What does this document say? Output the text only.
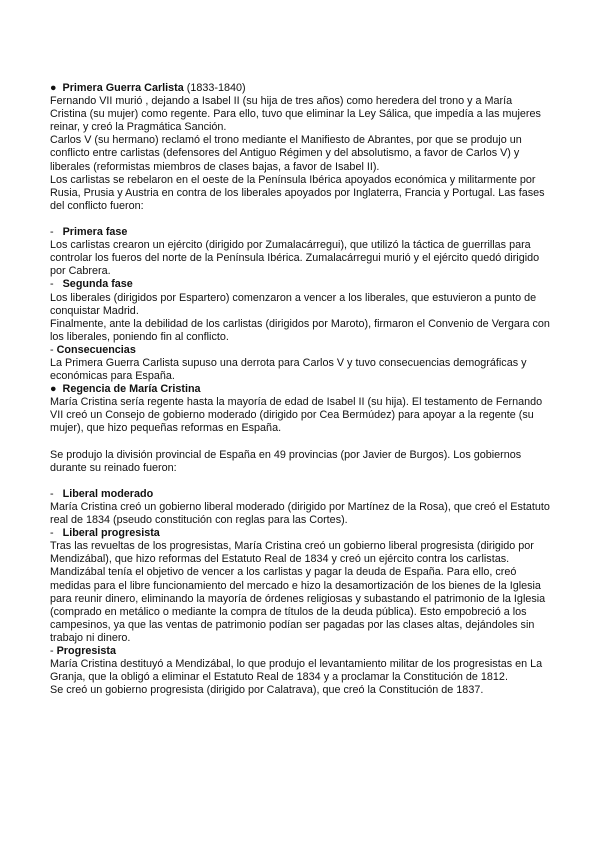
● Primera Guerra Carlista (1833-1840)
Fernando VII murió , dejando a Isabel II (su hija de tres años) como heredera del trono y a María
Cristina (su mujer) como regente. Para ello, tuvo que eliminar la Ley Sálica, que impedía a las mujeres
reinar, y creó la Pragmática Sanción.
Carlos V (su hermano) reclamó el trono mediante el Manifiesto de Abrantes, por que se produjo un
conflicto entre carlistas (defensores del Antiguo Régimen y del absolutismo, a favor de Carlos V) y
liberales (reformistas miembros de clases bajas, a favor de Isabel II).
Los carlistas se rebelaron en el oeste de la Península Ibérica apoyados económica y militarmente por
Rusia, Prusia y Austria en contra de los liberales apoyados por Inglaterra, Francia y Portugal. Las fases
del conflicto fueron:
- Primera fase
Los carlistas crearon un ejército (dirigido por Zumalacárregui), que utilizó la táctica de guerrillas para
controlar los fueros del norte de la Península Ibérica. Zumalacárregui murió y el ejército quedó dirigido
por Cabrera.
- Segunda fase
Los liberales (dirigidos por Espartero) comenzaron a vencer a los liberales, que estuvieron a punto de
conquistar Madrid.
Finalmente, ante la debilidad de los carlistas (dirigidos por Maroto), firmaron el Convenio de Vergara con
los liberales, poniendo fin al conflicto.
- Consecuencias
La Primera Guerra Carlista supuso una derrota para Carlos V y tuvo consecuencias demográficas y
económicas para España.
● Regencia de María Cristina
María Cristina sería regente hasta la mayoría de edad de Isabel II (su hija). El testamento de Fernando
VII creó un Consejo de gobierno moderado (dirigido por Cea Bermúdez) para apoyar a la regente (su
mujer), que hizo pequeñas reformas en España.
Se produjo la división provincial de España en 49 provincias (por Javier de Burgos). Los gobiernos
durante su reinado fueron:
- Liberal moderado
María Cristina creó un gobierno liberal moderado (dirigido por Martínez de la Rosa), que creó el Estatuto
real de 1834 (pseudo constitución con reglas para las Cortes).
- Liberal progresista
Tras las revueltas de los progresistas, María Cristina creó un gobierno liberal progresista (dirigido por
Mendizábal), que hizo reformas del Estatuto Real de 1834 y creó un ejército contra los carlistas.
Mandizábal tenía el objetivo de vencer a los carlistas y pagar la deuda de España. Para ello, creó
medidas para el libre funcionamiento del mercado e hizo la desamortización de los bienes de la Iglesia
para reunir dinero, eliminando la mayoría de órdenes religiosas y subastando el patrimonio de la Iglesia
(comprado en metálico o mediante la compra de títulos de la deuda pública). Esto empobreció a los
campesinos, ya que las ventas de patrimonio podían ser pagadas por las clases altas, dejándoles sin
trabajo ni dinero.
- Progresista
María Cristina destituyó a Mendizábal, lo que produjo el levantamiento militar de los progresistas en La
Granja, que la obligó a eliminar el Estatuto Real de 1834 y a proclamar la Constitución de 1812.
Se creó un gobierno progresista (dirigido por Calatrava), que creó la Constitución de 1837.
